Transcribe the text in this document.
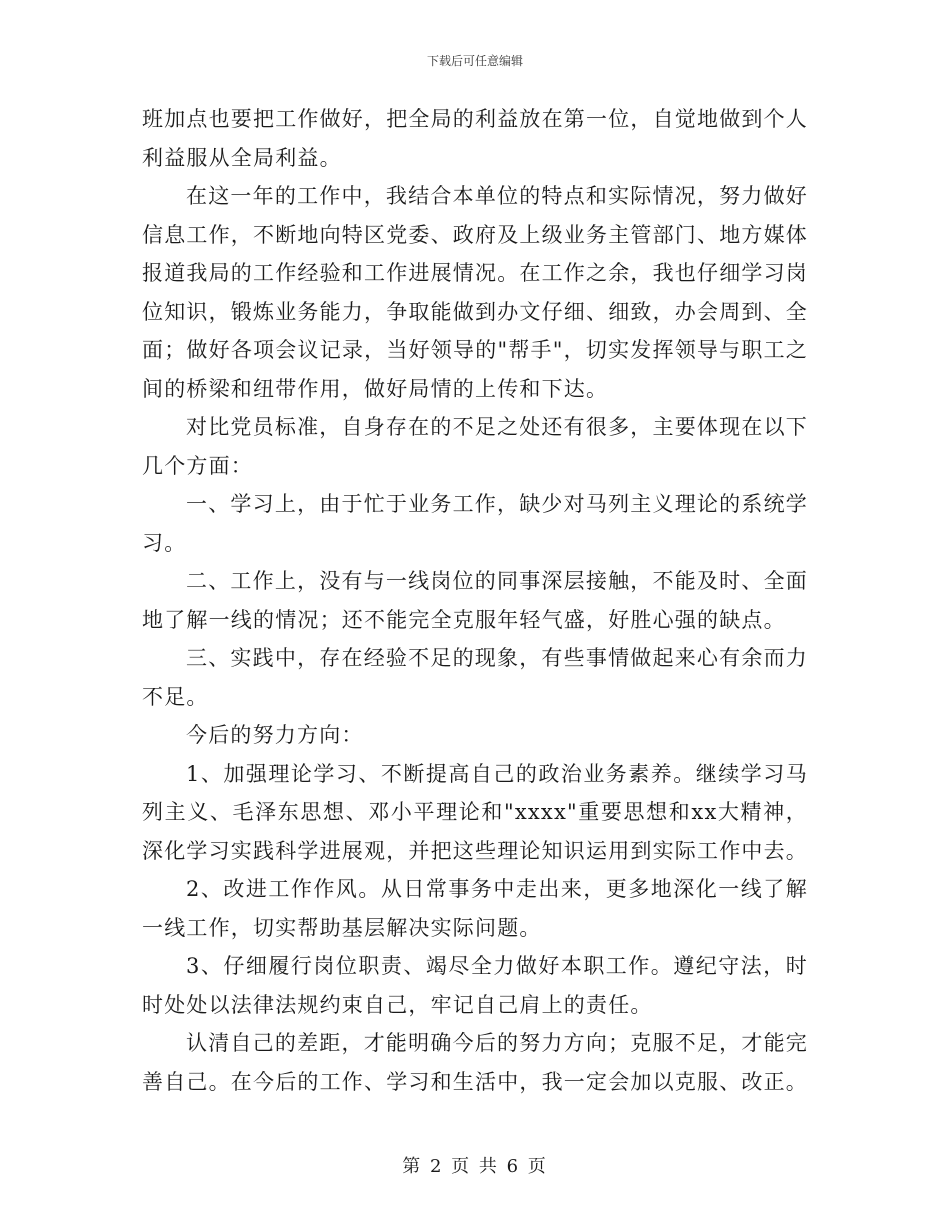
下载后可任意编辑

班加点也要把工作做好，把全局的利益放在第一位，自觉地做到个人利益服从全局利益。

在这一年的工作中，我结合本单位的特点和实际情况，努力做好信息工作，不断地向特区党委、政府及上级业务主管部门、地方媒体报道我局的工作经验和工作进展情况。在工作之余，我也仔细学习岗位知识，锻炼业务能力，争取能做到办文仔细、细致，办会周到、全面；做好各项会议记录，当好领导的"帮手"，切实发挥领导与职工之间的桥梁和纽带作用，做好局情的上传和下达。

对比党员标准，自身存在的不足之处还有很多，主要体现在以下几个方面：

一、学习上，由于忙于业务工作，缺少对马列主义理论的系统学习。

二、工作上，没有与一线岗位的同事深层接触，不能及时、全面地了解一线的情况；还不能完全克服年轻气盛，好胜心强的缺点。

三、实践中，存在经验不足的现象，有些事情做起来心有余而力不足。

今后的努力方向：

1、加强理论学习、不断提高自己的政治业务素养。继续学习马列主义、毛泽东思想、邓小平理论和"xxxx"重要思想和xx大精神，深化学习实践科学进展观，并把这些理论知识运用到实际工作中去。

2、改进工作作风。从日常事务中走出来，更多地深化一线了解一线工作，切实帮助基层解决实际问题。

3、仔细履行岗位职责、竭尽全力做好本职工作。遵纪守法，时时处处以法律法规约束自己，牢记自己肩上的责任。

认清自己的差距，才能明确今后的努力方向；克服不足，才能完善自己。在今后的工作、学习和生活中，我一定会加以克服、改正。

第 2 页 共 6 页
